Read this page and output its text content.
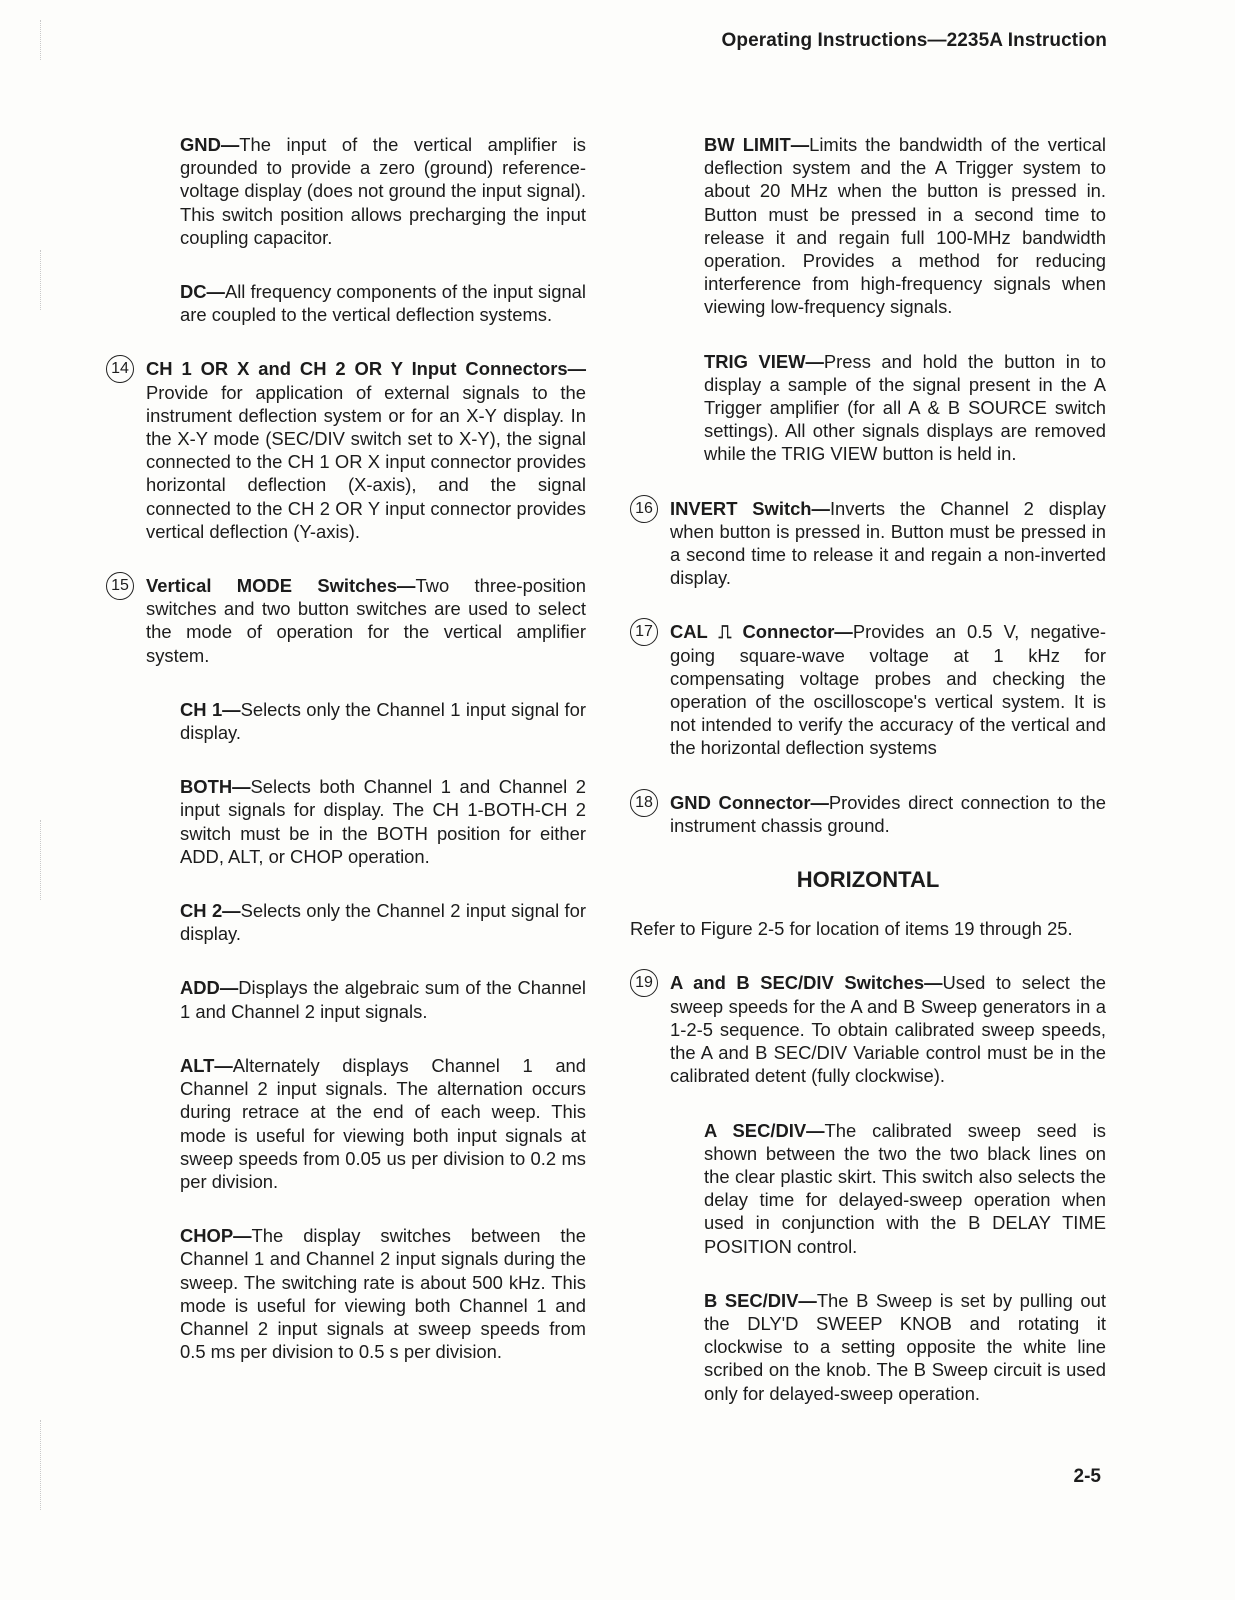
Operating Instructions—2235A Instruction

GND—The input of the vertical amplifier is grounded to provide a zero (ground) reference-voltage display (does not ground the input signal). This switch position allows precharging the input coupling capacitor.

DC—All frequency components of the input signal are coupled to the vertical deflection systems.

14 CH 1 OR X and CH 2 OR Y Input Connectors—Provide for application of external signals to the instrument deflection system or for an X-Y display. In the X-Y mode (SEC/DIV switch set to X-Y), the signal connected to the CH 1 OR X input connector provides horizontal deflection (X-axis), and the signal connected to the CH 2 OR Y input connector provides vertical deflection (Y-axis).
15 Vertical MODE Switches—Two three-position switches and two button switches are used to select the mode of operation for the vertical amplifier system.

CH 1—Selects only the Channel 1 input signal for display.

BOTH—Selects both Channel 1 and Channel 2 input signals for display. The CH 1-BOTH-CH 2 switch must be in the BOTH position for either ADD, ALT, or CHOP operation.

CH 2—Selects only the Channel 2 input signal for display.

ADD—Displays the algebraic sum of the Channel 1 and Channel 2 input signals.

ALT—Alternately displays Channel 1 and Channel 2 input signals. The alternation occurs during retrace at the end of each weep. This mode is useful for viewing both input signals at sweep speeds from 0.05 us per division to 0.2 ms per division.

CHOP—The display switches between the Channel 1 and Channel 2 input signals during the sweep. The switching rate is about 500 kHz. This mode is useful for viewing both Channel 1 and Channel 2 input signals at sweep speeds from 0.5 ms per division to 0.5 s per division.

BW LIMIT—Limits the bandwidth of the vertical deflection system and the A Trigger system to about 20 MHz when the button is pressed in. Button must be pressed in a second time to release it and regain full 100-MHz bandwidth operation. Provides a method for reducing interference from high-frequency signals when viewing low-frequency signals.

TRIG VIEW—Press and hold the button in to display a sample of the signal present in the A Trigger amplifier (for all A & B SOURCE switch settings). All other signals displays are removed while the TRIG VIEW button is held in.

16 INVERT Switch—Inverts the Channel 2 display when button is pressed in. Button must be pressed in a second time to release it and regain a non-inverted display.
17 CAL ⎍ Connector—Provides an 0.5 V, negative-going square-wave voltage at 1 kHz for compensating voltage probes and checking the operation of the oscilloscope's vertical system. It is not intended to verify the accuracy of the vertical and the horizontal deflection systems
18 GND Connector—Provides direct connection to the instrument chassis ground.
HORIZONTAL

Refer to Figure 2-5 for location of items 19 through 25.

19 A and B SEC/DIV Switches—Used to select the sweep speeds for the A and B Sweep generators in a 1-2-5 sequence. To obtain calibrated sweep speeds, the A and B SEC/DIV Variable control must be in the calibrated detent (fully clockwise).

A SEC/DIV—The calibrated sweep seed is shown between the two the two black lines on the clear plastic skirt. This switch also selects the delay time for delayed-sweep operation when used in conjunction with the B DELAY TIME POSITION control.

B SEC/DIV—The B Sweep is set by pulling out the DLY'D SWEEP KNOB and rotating it clockwise to a setting opposite the white line scribed on the knob. The B Sweep circuit is used only for delayed-sweep operation.

2-5
